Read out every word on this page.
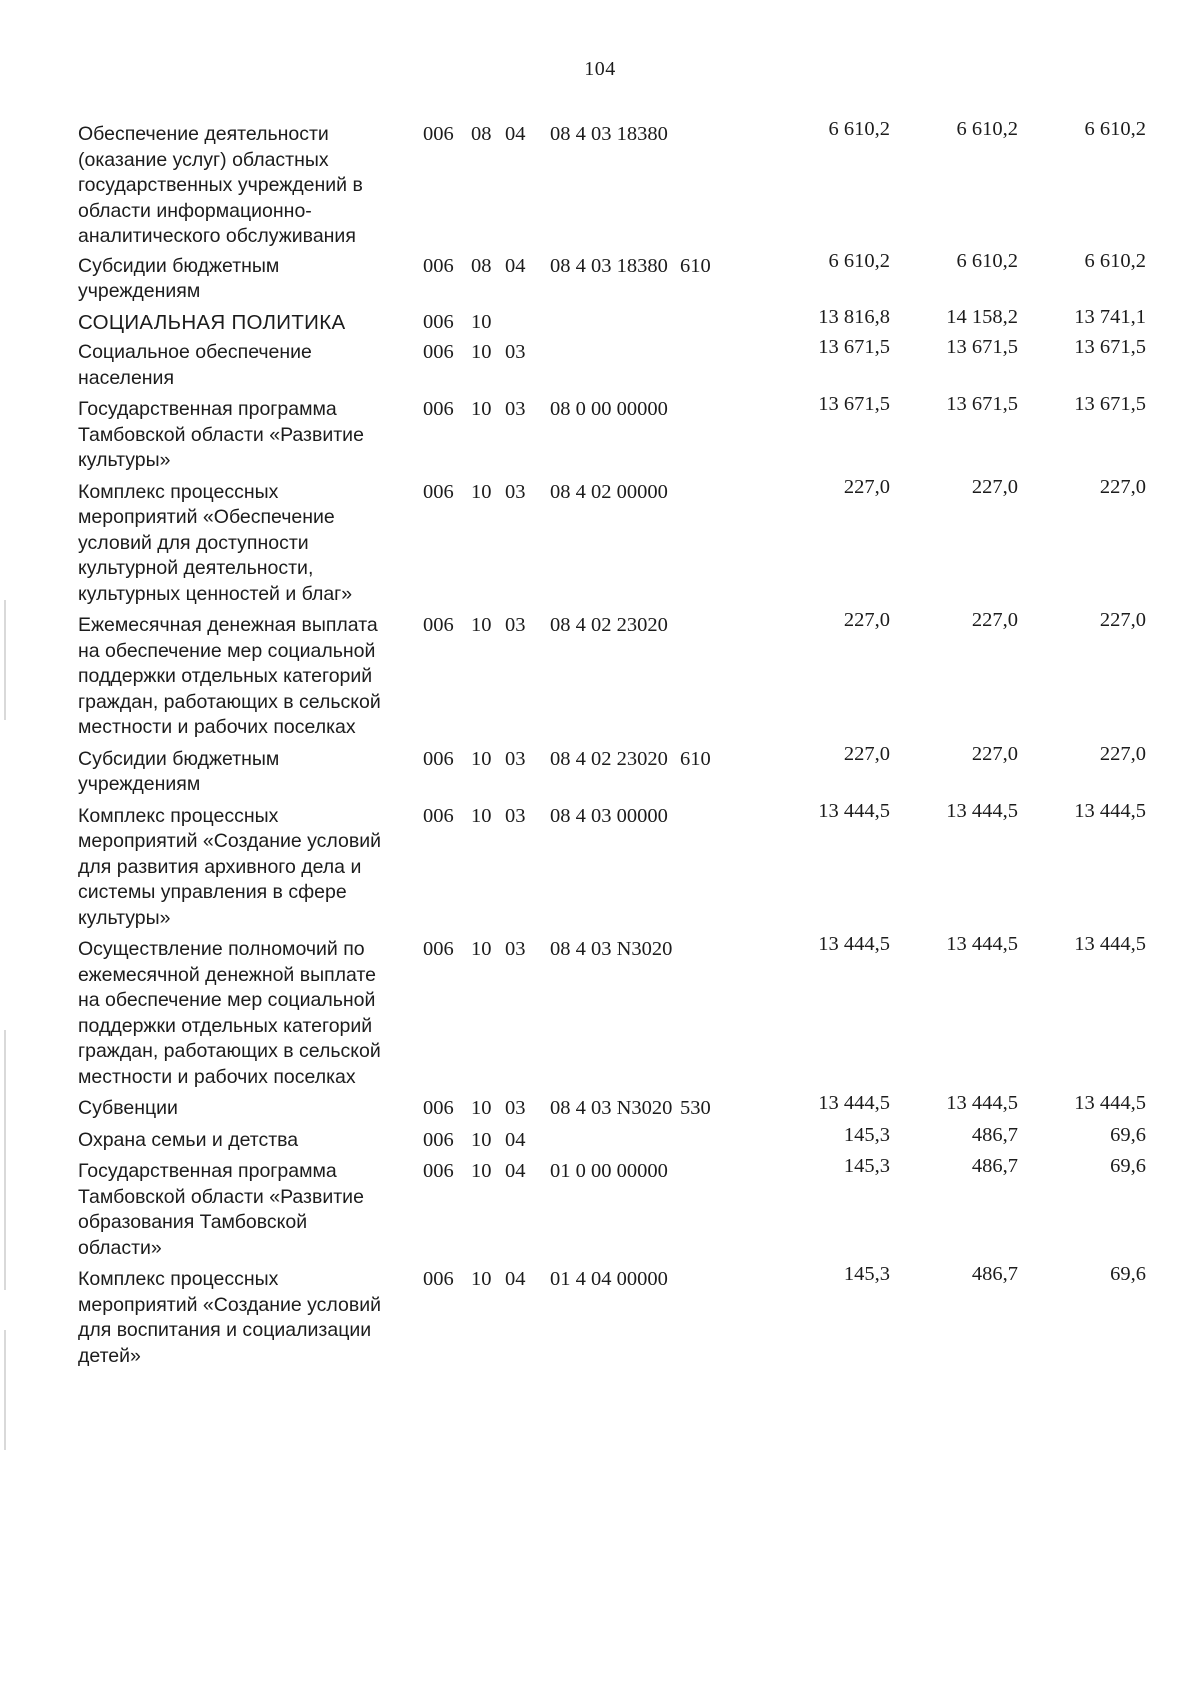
104
Обеспечение деятельности
(оказание услуг) областных
государственных учреждений в
области информационно-
аналитического обслуживания
006 08 04 08 4 03 18380	6 610,2	6 610,2	6 610,2
Субсидии бюджетным
учреждениям
006 08 04 08 4 03 18380 610	6 610,2	6 610,2	6 610,2
СОЦИАЛЬНАЯ ПОЛИТИКА	006 10	13 816,8	14 158,2	13 741,1
Социальное обеспечение
населения
006 10 03	13 671,5	13 671,5	13 671,5
Государственная программа
Тамбовской области «Развитие
культуры»
006 10 03 08 0 00 00000	13 671,5	13 671,5	13 671,5
Комплекс процессных
мероприятий «Обеспечение
условий для доступности
культурной деятельности,
культурных ценностей и благ»
006 10 03 08 4 02 00000	227,0	227,0	227,0
Ежемесячная денежная выплата
на обеспечение мер социальной
поддержки отдельных категорий
граждан, работающих в сельской
местности и рабочих поселках
006 10 03 08 4 02 23020	227,0	227,0	227,0
Субсидии бюджетным
учреждениям
006 10 03 08 4 02 23020 610	227,0	227,0	227,0
Комплекс процессных
мероприятий «Создание условий
для развития архивного дела и
системы управления в сфере
культуры»
006 10 03 08 4 03 00000	13 444,5	13 444,5	13 444,5
Осуществление полномочий по
ежемесячной денежной выплате
на обеспечение мер социальной
поддержки отдельных категорий
граждан, работающих в сельской
местности и рабочих поселках
006 10 03 08 4 03 N3020	13 444,5	13 444,5	13 444,5
Субвенции	006 10 03 08 4 03 N3020 530	13 444,5	13 444,5	13 444,5
Охрана семьи и детства	006 10 04	145,3	486,7	69,6
Государственная программа
Тамбовской области «Развитие
образования Тамбовской
области»
006 10 04 01 0 00 00000	145,3	486,7	69,6
Комплекс процессных
мероприятий «Создание условий
для воспитания и социализации
детей»
006 10 04 01 4 04 00000	145,3	486,7	69,6
